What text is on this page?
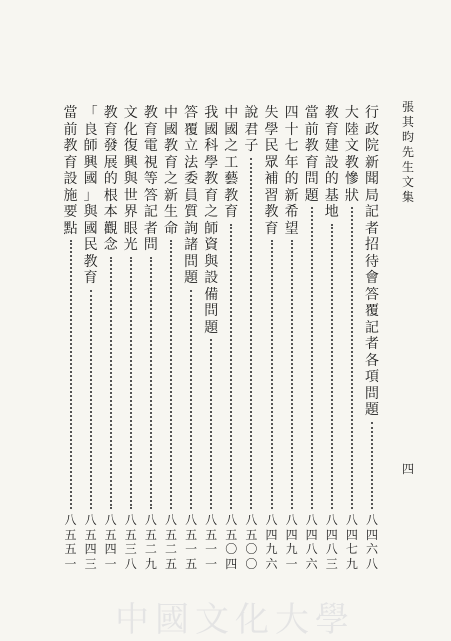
張
其
昀
先
生
文
集
四
行
政
院
新
聞
局
記
者
招
待
會
答
覆
記
者
各
項
問
題
八
四
六
八
大
陸
文
教
慘
狀
八
四
七
九
教
育
建
設
的
基
地
八
四
八
三
當
前
教
育
問
題
八
四
八
六
四
十
七
年
的
新
希
望
八
四
九
一
失
學
民
眾
補
習
教
育
八
四
九
六
說
君
子
八
五
〇
〇
中
國
之
工
藝
教
育
八
五
〇
四
我
國
科
學
教
育
之
師
資
與
設
備
問
題
八
五
一
一
答
覆
立
法
委
員
質
詢
諸
問
題
八
五
一
五
中
國
教
育
之
新
生
命
八
五
二
五
教
育
電
視
等
答
記
者
問
八
五
二
九
文
化
復
興
與
世
界
眼
光
八
五
三
八
教
育
發
展
的
根
本
觀
念
八
五
四
一
「
良
師
興
國
」
與
國
民
教
育
八
五
四
三
當
前
教
育
設
施
要
點
八
五
五
一
中國文化大學
